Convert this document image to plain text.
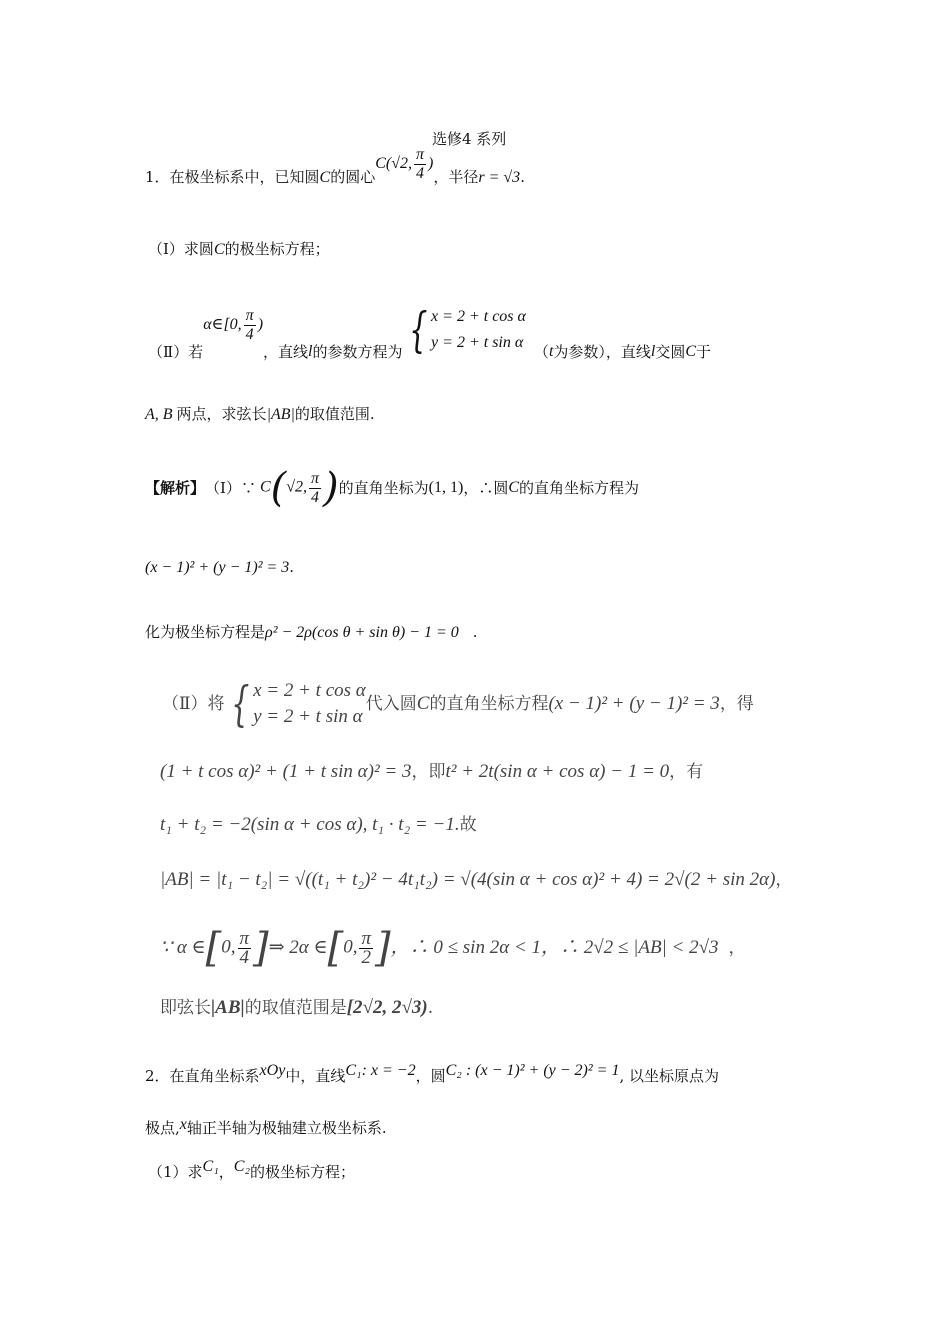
选修4 系列
1．在极坐标系中，已知圆C的圆心C(√2, $\frac{\pi}{4}$ )，半径r = √3.
（Ⅰ）求圆C的极坐标方程；
（Ⅱ）若
α∈[0, $\frac{\pi}{4}$ )
，直线 l 的参数方程为 { x = 2 + t cos α
y = 2 + t sin α
（ t 为参数），直线 l 交圆 C 于
A, B 两点，求弦长|AB|的取值范围.
【解析】 （Ⅰ）∵ C(√2, $\frac{\pi}{4}$ ) 的直角坐标为 (1, 1) ，∴圆 C 的直角坐标方程为
(x − 1)² + (y − 1)² = 3.
化为极坐标方程是ρ² − 2ρ(cos θ + sin θ) − 1 = 0 .
（Ⅱ）将 { x = 2 + t cos α
y = 2 + t sin α
代入圆 C 的直角坐标方程 (x − 1)² + (y − 1)² = 3 ，得
(1 + t cos α)² + (1 + t sin α)² = 3，即t² + 2t(sin α + cos α) − 1 = 0，有
t₁ + t₂ = −2(sin α + cos α), t₁ · t₂ = −1.故
|AB| = |t₁ − t₂| = √((t₁ + t₂)² − 4t₁t₂) = √(4(sin α + cos α)² + 4) = 2√(2 + sin 2α)，
∵ α ∈ [0, $\frac{\pi}{4}$ ] ⇒ 2α ∈ [0, $\frac{\pi}{2}$ ] ，∴ 0 ≤ sin 2α < 1，∴ 2√2 ≤ |AB| < 2√3 ，
即弦长|AB|的取值范围是[2√2, 2√3).
2．在直角坐标系xOy中，直线C₁: x = −2，圆C₂ : (x − 1)² + (y − 2)² = 1, 以坐标原点为
极点,x轴正半轴为极轴建立极坐标系.
（1）求C₁，C₂的极坐标方程；
